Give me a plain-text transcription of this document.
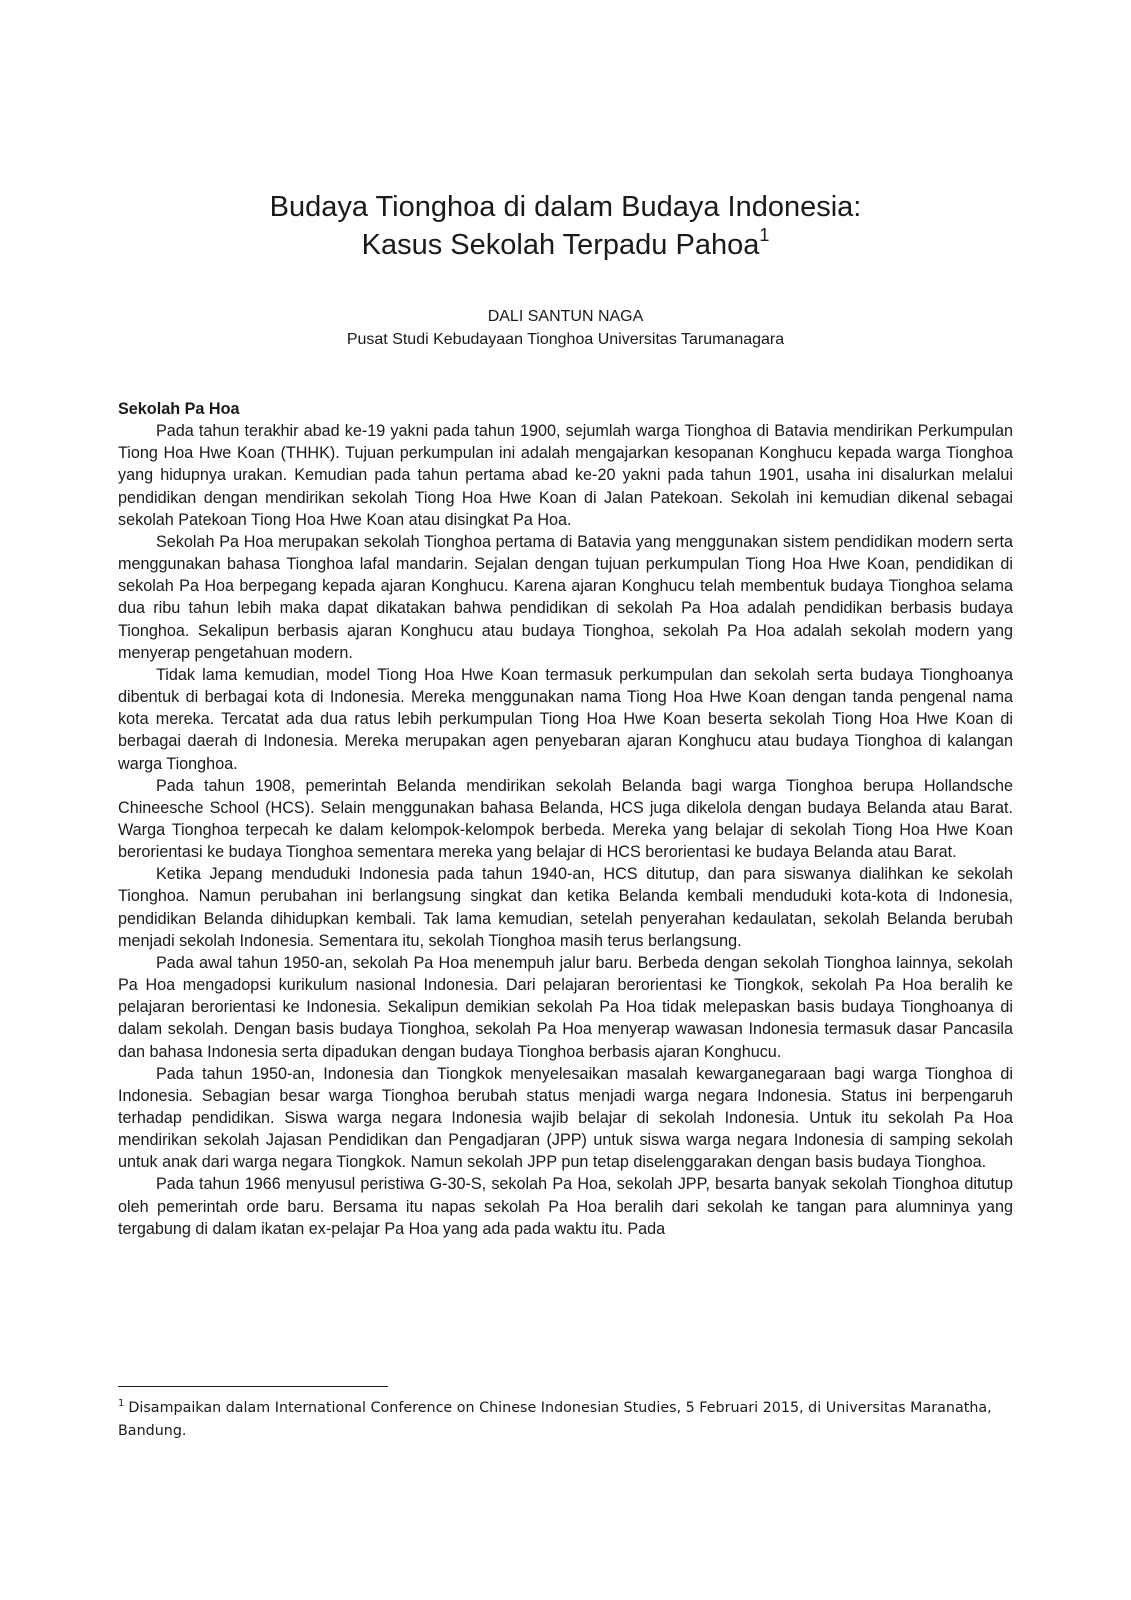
Budaya Tionghoa di dalam Budaya Indonesia:
Kasus Sekolah Terpadu Pahoa$^1$
DALI SANTUN NAGA
Pusat Studi Kebudayaan Tionghoa Universitas Tarumanagara
Sekolah Pa Hoa

Pada tahun terakhir abad ke-19 yakni pada tahun 1900, sejumlah warga Tionghoa di Batavia mendirikan Perkumpulan Tiong Hoa Hwe Koan (THHK). Tujuan perkumpulan ini adalah mengajarkan kesopanan Konghucu kepada warga Tionghoa yang hidupnya urakan. Kemudian pada tahun pertama abad ke-20 yakni pada tahun 1901, usaha ini disalurkan melalui pendidikan dengan mendirikan sekolah Tiong Hoa Hwe Koan di Jalan Patekoan. Sekolah ini kemudian dikenal sebagai sekolah Patekoan Tiong Hoa Hwe Koan atau disingkat Pa Hoa.

Sekolah Pa Hoa merupakan sekolah Tionghoa pertama di Batavia yang menggunakan sistem pendidikan modern serta menggunakan bahasa Tionghoa lafal mandarin. Sejalan dengan tujuan perkumpulan Tiong Hoa Hwe Koan, pendidikan di sekolah Pa Hoa berpegang kepada ajaran Konghucu. Karena ajaran Konghucu telah membentuk budaya Tionghoa selama dua ribu tahun lebih maka dapat dikatakan bahwa pendidikan di sekolah Pa Hoa adalah pendidikan berbasis budaya Tionghoa. Sekalipun berbasis ajaran Konghucu atau budaya Tionghoa, sekolah Pa Hoa adalah sekolah modern yang menyerap pengetahuan modern.

Tidak lama kemudian, model Tiong Hoa Hwe Koan termasuk perkumpulan dan sekolah serta budaya Tionghoanya dibentuk di berbagai kota di Indonesia. Mereka menggunakan nama Tiong Hoa Hwe Koan dengan tanda pengenal nama kota mereka. Tercatat ada dua ratus lebih perkumpulan Tiong Hoa Hwe Koan beserta sekolah Tiong Hoa Hwe Koan di berbagai daerah di Indonesia. Mereka merupakan agen penyebaran ajaran Konghucu atau budaya Tionghoa di kalangan warga Tionghoa.

Pada tahun 1908, pemerintah Belanda mendirikan sekolah Belanda bagi warga Tionghoa berupa Hollandsche Chineesche School (HCS). Selain menggunakan bahasa Belanda, HCS juga dikelola dengan budaya Belanda atau Barat. Warga Tionghoa terpecah ke dalam kelompok-kelompok berbeda. Mereka yang belajar di sekolah Tiong Hoa Hwe Koan berorientasi ke budaya Tionghoa sementara mereka yang belajar di HCS berorientasi ke budaya Belanda atau Barat.

Ketika Jepang menduduki Indonesia pada tahun 1940-an, HCS ditutup, dan para siswanya dialihkan ke sekolah Tionghoa. Namun perubahan ini berlangsung singkat dan ketika Belanda kembali menduduki kota-kota di Indonesia, pendidikan Belanda dihidupkan kembali. Tak lama kemudian, setelah penyerahan kedaulatan, sekolah Belanda berubah menjadi sekolah Indonesia. Sementara itu, sekolah Tionghoa masih terus berlangsung.

Pada awal tahun 1950-an, sekolah Pa Hoa menempuh jalur baru. Berbeda dengan sekolah Tionghoa lainnya, sekolah Pa Hoa mengadopsi kurikulum nasional Indonesia. Dari pelajaran berorientasi ke Tiongkok, sekolah Pa Hoa beralih ke pelajaran berorientasi ke Indonesia. Sekalipun demikian sekolah Pa Hoa tidak melepaskan basis budaya Tionghoanya di dalam sekolah. Dengan basis budaya Tionghoa, sekolah Pa Hoa menyerap wawasan Indonesia termasuk dasar Pancasila dan bahasa Indonesia serta dipadukan dengan budaya Tionghoa berbasis ajaran Konghucu.

Pada tahun 1950-an, Indonesia dan Tiongkok menyelesaikan masalah kewarganegaraan bagi warga Tionghoa di Indonesia. Sebagian besar warga Tionghoa berubah status menjadi warga negara Indonesia. Status ini berpengaruh terhadap pendidikan. Siswa warga negara Indonesia wajib belajar di sekolah Indonesia. Untuk itu sekolah Pa Hoa mendirikan sekolah Jajasan Pendidikan dan Pengadjaran (JPP) untuk siswa warga negara Indonesia di samping sekolah untuk anak dari warga negara Tiongkok. Namun sekolah JPP pun tetap diselenggarakan dengan basis budaya Tionghoa.

Pada tahun 1966 menyusul peristiwa G-30-S, sekolah Pa Hoa, sekolah JPP, besarta banyak sekolah Tionghoa ditutup oleh pemerintah orde baru. Bersama itu napas sekolah Pa Hoa beralih dari sekolah ke tangan para alumninya yang tergabung di dalam ikatan ex-pelajar Pa Hoa yang ada pada waktu itu. Pada

$^1$ Disampaikan dalam International Conference on Chinese Indonesian Studies, 5 Februari 2015, di Universitas Maranatha, Bandung.
